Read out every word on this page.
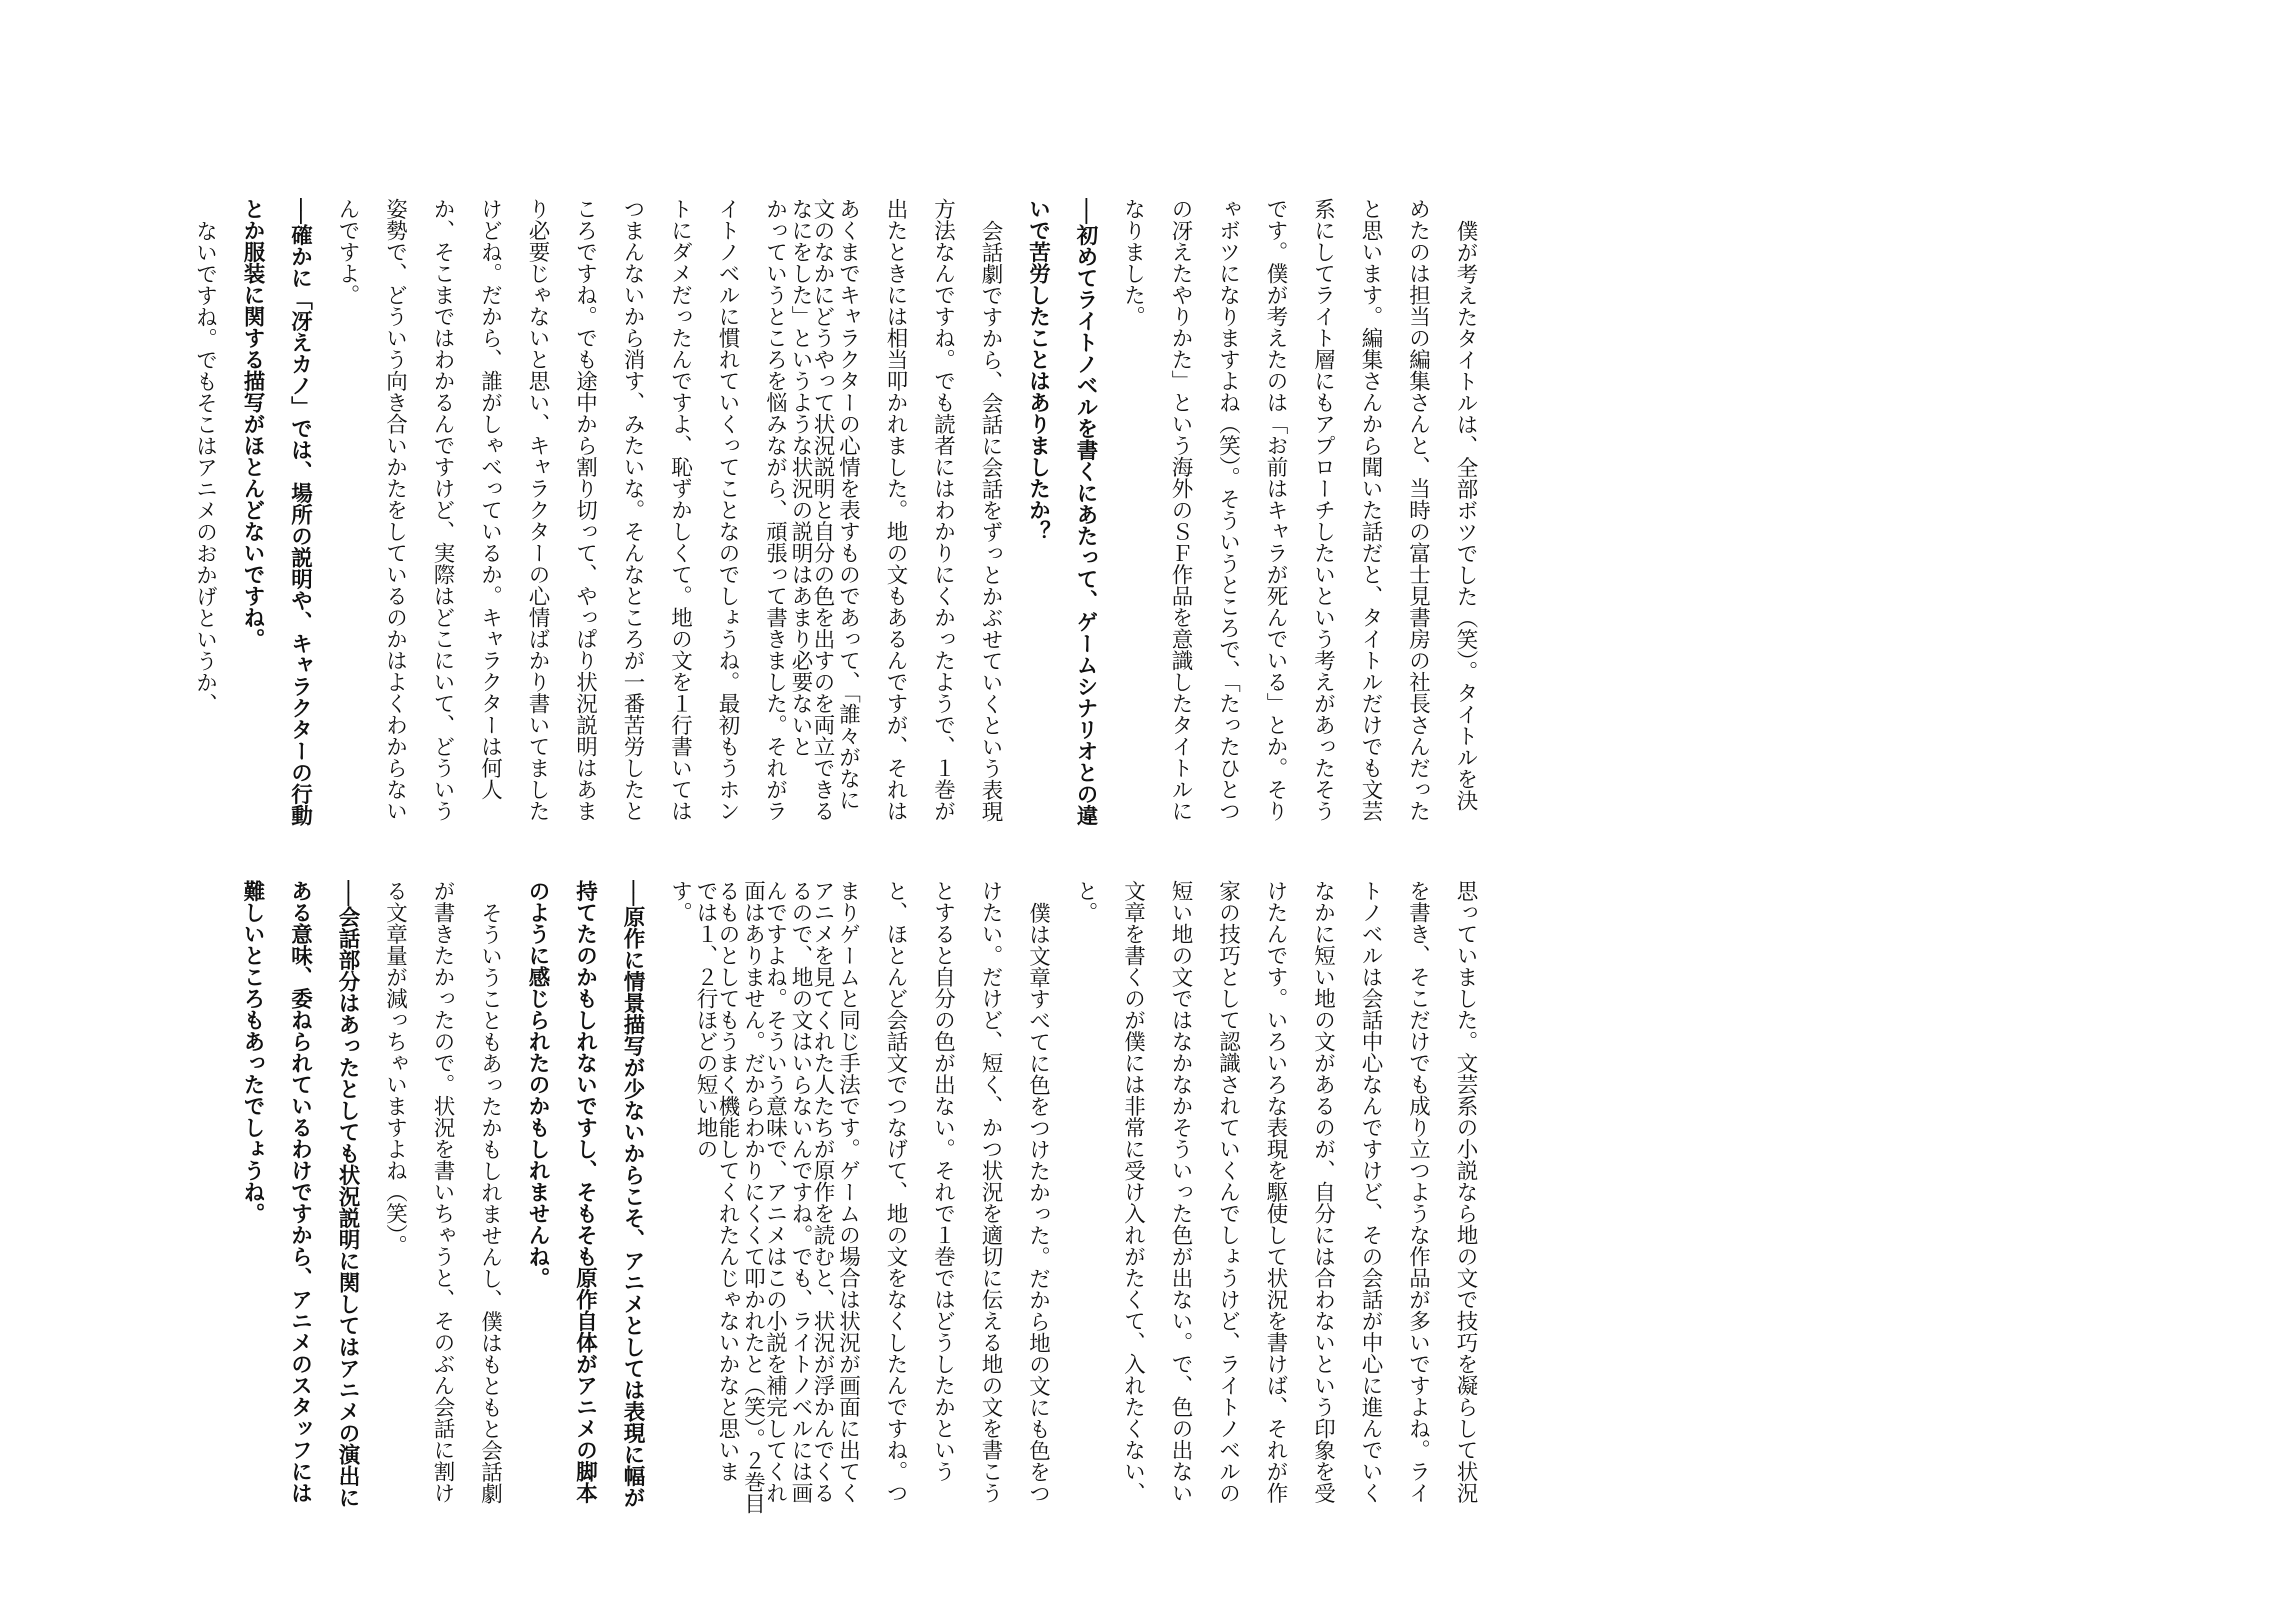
僕が考えたタイトルは、全部ボツでした（笑）。タイトルを決めたのは担当の編集さんと、当時の富士見書房の社長さんだったと思います。編集さんから聞いた話だと、タイトルだけでも文芸系にしてライト層にもアプローチしたいという考えがあったそうです。僕が考えたのは「お前はキャラが死んでいる」とか。そりゃボツになりますよね（笑）。そういうところで、「たったひとつの冴えたやりかた」という海外のＳＦ作品を意識したタイトルになりました。

──初めてライトノベルを書くにあたって、ゲームシナリオとの違いで苦労したことはありましたか？

会話劇ですから、会話に会話をずっとかぶせていくという表現方法なんですね。でも読者にはわかりにくかったようで、１巻が出たときには相当叩かれました。地の文もあるんですが、それはあくまでキャラクターの心情を表すものであって、「誰々がなになにをした」というような状況の説明はあまり必要ないと

思っていました。文芸系の小説なら地の文で技巧を凝らして状況を書き、そこだけでも成り立つような作品が多いですよね。ライトノベルは会話中心なんですけど、その会話が中心に進んでいくなかに短い地の文があるのが、自分には合わないという印象を受けたんです。いろいろな表現を駆使して状況を書けば、それが作家の技巧として認識されていくんでしょうけど、ライトノベルの短い地の文ではなかなかそういった色が出ない。で、色の出ない文章を書くのが僕には非常に受け入れがたくて、入れたくない、と。

僕は文章すべてに色をつけたかった。だから地の文にも色をつけたい。だけど、短く、かつ状況を適切に伝える地の文を書こうとすると自分の色が出ない。それで１巻ではどうしたかというと、ほとんど会話文でつなげて、地の文をなくしたんですね。つまりゲームと同じ手法です。ゲームの場合は状況が画面に出てくるので、地の文はいらないんですね。でも、ライトノベルには画面はありません。だからわかりにくくて叩かれたと（笑）。２巻目では１、２行ほどの短い地の

文のなかにどうやって状況説明と自分の色を出すのを両立できるかっていうところを悩みながら、頑張って書きました。それがライトノベルに慣れていくってことなのでしょうね。最初もうホントにダメだったんですよ、恥ずかしくて。地の文を１行書いてはつまんないから消す、みたいな。そんなところが一番苦労したところですね。でも途中から割り切って、やっぱり状況説明はあまり必要じゃないと思い、キャラクターの心情ばかり書いてましたけどね。だから、誰がしゃべっているか。キャラクターは何人か、そこまではわかるんですけど、実際はどこにいて、どういう姿勢で、どういう向き合いかたをしているのかはよくわからないんですよ。

──確かに「冴えカノ」では、場所の説明や、キャラクターの行動とか服装に関する描写がほとんどないですね。

ないですね。でもそこはアニメのおかげというか、

アニメを見てくれた人たちが原作を読むと、状況が浮かんでくるんですよね。そういう意味で、アニメはこの小説を補完してくれるものとしてもうまく機能してくれたんじゃないかなと思います。

──原作に情景描写が少ないからこそ、アニメとしては表現に幅が持てたのかもしれないですし、そもそも原作自体がアニメの脚本のように感じられたのかもしれませんね。

そういうこともあったかもしれませんし、僕はもともと会話劇が書きたかったので。状況を書いちゃうと、そのぶん会話に割ける文章量が減っちゃいますよね（笑）。

──会話部分はあったとしても状況説明に関してはアニメの演出にある意味、委ねられているわけですから、アニメのスタッフには難しいところもあったでしょうね。
